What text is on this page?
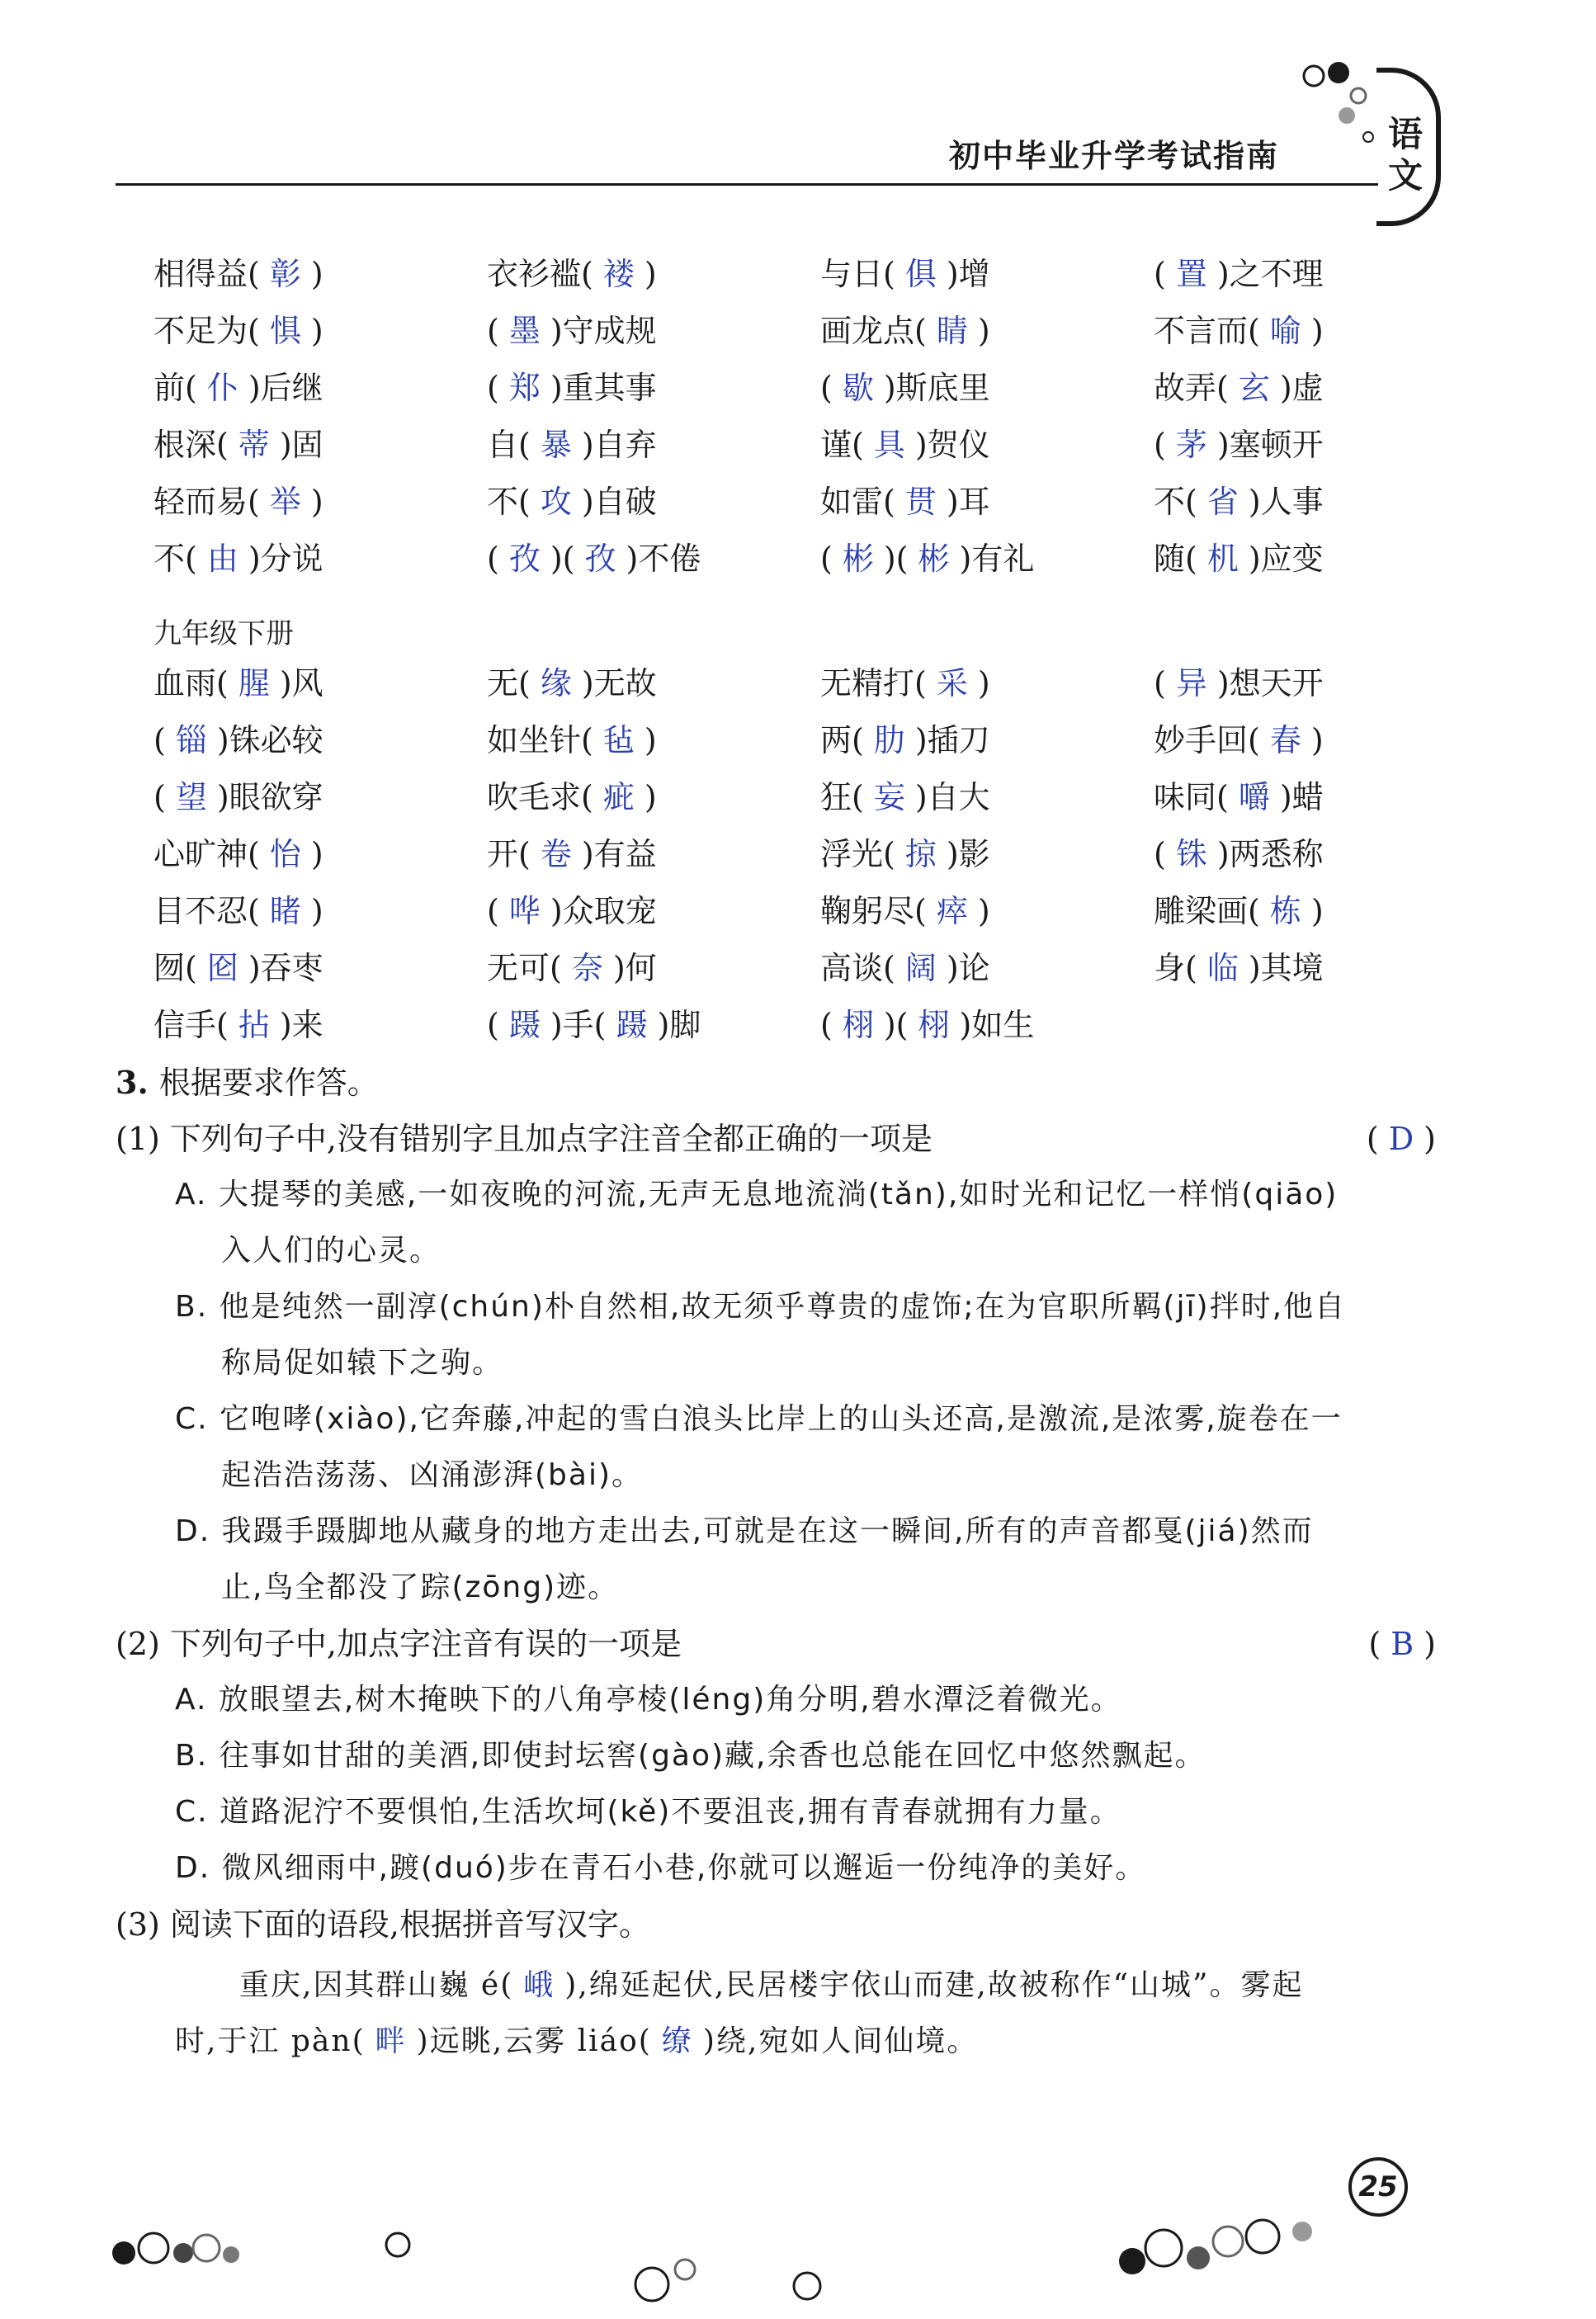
初中毕业升学考试指南
语
文
相得益( 彰 )	衣衫褴( 褛 )	与日( 俱 )增	( 置 )之不理
不足为( 惧 )	( 墨 )守成规	画龙点( 睛 )	不言而( 喻 )
前( 仆 )后继	( 郑 )重其事	( 歇 )斯底里	故弄( 玄 )虚
根深( 蒂 )固	自( 暴 )自弃	谨( 具 )贺仪	( 茅 )塞顿开
轻而易( 举 )	不( 攻 )自破	如雷( 贯 )耳	不( 省 )人事
不( 由 )分说	( 孜 )( 孜 )不倦	( 彬 )( 彬 )有礼	随( 机 )应变
九年级下册
血雨( 腥 )风	无( 缘 )无故	无精打( 采 )	( 异 )想天开
( 锱 )铢必较	如坐针( 毡 )	两( 肋 )插刀	妙手回( 春 )
( 望 )眼欲穿	吹毛求( 疵 )	狂( 妄 )自大	味同( 嚼 )蜡
心旷神( 怡 )	开( 卷 )有益	浮光( 掠 )影	( 铢 )两悉称
目不忍( 睹 )	( 哗 )众取宠	鞠躬尽( 瘁 )	雕梁画( 栋 )
囫( 囵 )吞枣	无可( 奈 )何	高谈( 阔 )论	身( 临 )其境
信手( 拈 )来	( 蹑 )手( 蹑 )脚	( 栩 )( 栩 )如生
3. 根据要求作答。
(1) 下列句子中,没有错别字且加点字注音全都正确的一项是	( D )
A. 大提琴的美感,一如夜晚的河流,无声无息地流淌(tǎn),如时光和记忆一样悄(qiāo)
入人们的心灵。
B. 他是纯然一副淳(chún)朴自然相,故无须乎尊贵的虚饰;在为官职所羁(jī)拌时,他自
称局促如辕下之驹。
C. 它咆哮(xiào),它奔藤,冲起的雪白浪头比岸上的山头还高,是激流,是浓雾,旋卷在一
起浩浩荡荡、凶涌澎湃(bài)。
D. 我蹑手蹑脚地从藏身的地方走出去,可就是在这一瞬间,所有的声音都戛(jiá)然而
止,鸟全都没了踪(zōng)迹。
(2) 下列句子中,加点字注音有误的一项是	( B )
A. 放眼望去,树木掩映下的八角亭棱(léng)角分明,碧水潭泛着微光。
B. 往事如甘甜的美酒,即使封坛窖(gào)藏,余香也总能在回忆中悠然飘起。
C. 道路泥泞不要惧怕,生活坎坷(kě)不要沮丧,拥有青春就拥有力量。
D. 微风细雨中,踱(duó)步在青石小巷,你就可以邂逅一份纯净的美好。
(3) 阅读下面的语段,根据拼音写汉字。
重庆,因其群山巍 é( 峨 ),绵延起伏,民居楼宇依山而建,故被称作“山城”。雾起
时,于江 pàn( 畔 )远眺,云雾 liáo( 缭 )绕,宛如人间仙境。
25
